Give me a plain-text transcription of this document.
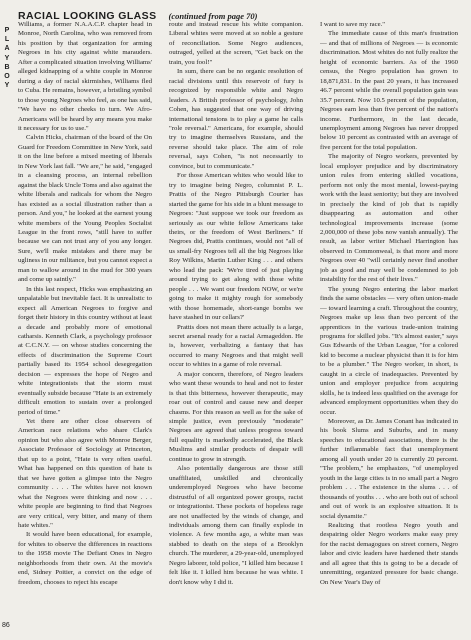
RACIAL LOOKING GLASS (continued from page 70)
P
L
A
Y
B
O
Y

Williams, a former N.A.A.C.P. chapter head in Monroe, North Carolina, who was removed from his position by that organization for arming Negroes in his city against white marauders. After a complicated situation involving Williams' alleged kidnapping of a white couple in Monroe during a day of racial skirmishes, Williams fled to Cuba. He remains, however, a bristling symbol to those young Negroes who feel, as one has said, "We have no other cheeks to turn. We Afro-Americans will be heard by any means you make it necessary for us to use."

Calvin Hicks, chairman of the board of the On Guard for Freedom Committee in New York, said it on the line before a mixed meeting of liberals in New York last fall. "We are," he said, "engaged in a cleansing process, an internal rebellion against the black Uncle Toms and also against the white liberals and radicals for whom the Negro has existed as a social illustration rather than a person. And you," he looked at the earnest young white members of the Young Peoples Socialist League in the front rows, "still have to suffer because we can not trust any of you any longer. Sure, we'll make mistakes and there may be ugliness in our militance, but you cannot expect a man to wallow around in the mud for 300 years and come up saintly."

In this last respect, Hicks was emphasizing an unpalatable but inevitable fact. It is unrealistic to expect all American Negroes to forgive and forget their history in this country without at least a decade and probably more of emotional catharsis. Kenneth Clark, a psychology professor at C.C.N.Y. — on whose studies concerning the effects of discrimination the Supreme Court partially based its 1954 school desegregation decision — expresses the hope of Negro and white integrationists that the storm must eventually subside because "Hate is an extremely difficult emotion to sustain over a prolonged period of time."

Yet there are other close observers of American race relations who share Clark's opinion but who also agree with Monroe Berger, Associate Professor of Sociology at Princeton, that up to a point, "Hate is very often useful. What has happened on this question of hate is that we have gotten a glimpse into the Negro community . . . . The whites have not known what the Negroes were thinking and now . . . white people are beginning to find that Negroes are very critical, very bitter, and many of them hate whites."

It would have been educational, for example, for whites to observe the differences in reactions to the 1958 movie The Defiant Ones in Negro neighborhoods from their own. At the movie's end, Sidney Poitier, a convict on the edge of freedom, chooses to reject his escape

route and instead rescue his white companion. Liberal whites were moved at so noble a gesture of reconciliation. Some Negro audiences, outraged, yelled at the screen, "Get back on the train, you fool!"

In sum, there can be no organic resolution of racial divisions until this reservoir of fury is recognized by responsible white and Negro leaders. A British professor of psychology, John Cohen, has suggested that one way of driving international tensions is to play a game he calls "role reversal." Americans, for example, should try to imagine themselves Russians, and the reverse should take place. The aim of role reversal, says Cohen, "is not necessarily to convince, but to communicate."

For those American whites who would like to try to imagine being Negro, columnist P. L. Prattis of the Negro Pittsburgh Courier has started the game for his side in a blunt message to Negroes: "Just suppose we took our freedom as seriously as our white fellow Americans take theirs, or the freedom of West Berliners." If Negroes did, Prattis continues, would not "all of us small-fry Negroes tell all the big Negroes like Roy Wilkins, Martin Luther King . . . and others who lead the pack: 'We're tired of just playing around trying to get along with those white people . . . We want our freedom NOW, or we're going to make it mighty rough for somebody with those homemade, short-range bombs we have stashed in our cellars?'

Prattis does not mean there actually is a large, secret arsenal ready for a racial Armageddon. He is, however, verbalizing a fantasy that has occurred to many Negroes and that might well occur to whites in a game of role reversal.

A major concern, therefore, of Negro leaders who want these wounds to heal and not to fester is that this bitterness, however therapeutic, may roar out of control and cause new and deeper chasms. For this reason as well as for the sake of simple justice, even previously "moderate" Negroes are agreed that unless progress toward full equality is markedly accelerated, the Black Muslims and similar products of despair will continue to grow in strength.

Also potentially dangerous are those still unaffiliated, unskilled and chronically underemployed Negroes who have become distrustful of all organized power groups, racist or integrationist. These pockets of hopeless rage are not unaffected by the winds of change, and individuals among them can finally explode in violence. A few months ago, a white man was stabbed to death on the steps of a Brooklyn church. The murderer, a 29-year-old, unemployed Negro laborer, told police, "I killed him because I felt like it. I killed him because he was white. I don't know why I did it.

I want to save my race."

The immediate cause of this man's frustration — and that of millions of Negroes — is economic discrimination. Most whites do not fully realize the height of economic barriers. As of the 1960 census, the Negro population has grown to 18,871,831. In the past 20 years, it has increased 46.7 percent while the overall population gain was 35.7 percent. Now 10.5 percent of the population, Negroes earn less than five percent of the nation's income. Furthermore, in the last decade, unemployment among Negroes has never dropped below 10 percent as contrasted with an average of five percent for the total population.

The majority of Negro workers, prevented by local employer prejudice and by discriminatory union rules from entering skilled vocations, perform not only the most menial, lowest-paying work with the least seniority; but they are involved in precisely the kind of job that is rapidly disappearing as automation and other technological improvements increase (some 2,000,000 of these jobs now vanish annually). The result, as labor writer Michael Harrington has observed in Commonweal, is that more and more Negroes over 40 "will certainly never find another job as good and may well be condemned to job instability for the rest of their lives."

The young Negro entering the labor market finds the same obstacles — very often union-made — toward learning a craft. Throughout the country, Negroes make up less than two percent of the apprentices in the various trade-union training programs for skilled jobs. "It's almost easier," says Gus Edwards of the Urban League, "for a colored kid to become a nuclear physicist than it is for him to be a plumber." The Negro worker, in short, is caught in a circle of inadequacies. Prevented by union and employer prejudice from acquiring skills, he is indeed less qualified on the average for advanced employment opportunities when they do occur.

Moreover, as Dr. James Conant has indicated in his book Slums and Suburbs, and in many speeches to educational associations, there is the further inflammable fact that unemployment among all youth under 20 is currently 20 percent. "The problem," he emphasizes, "of unemployed youth in the large cities is in no small part a Negro problem . . . The existence in the slums . . . of thousands of youths . . . who are both out of school and out of work is an explosive situation. It is social dynamite."

Realizing that rootless Negro youth and despairing older Negro workers make easy prey for the racist demagogues on street corners, Negro labor and civic leaders have hardened their stands and all agree that this is going to be a decade of unremitting, organized pressure for basic change. On New Year's Day of

86
